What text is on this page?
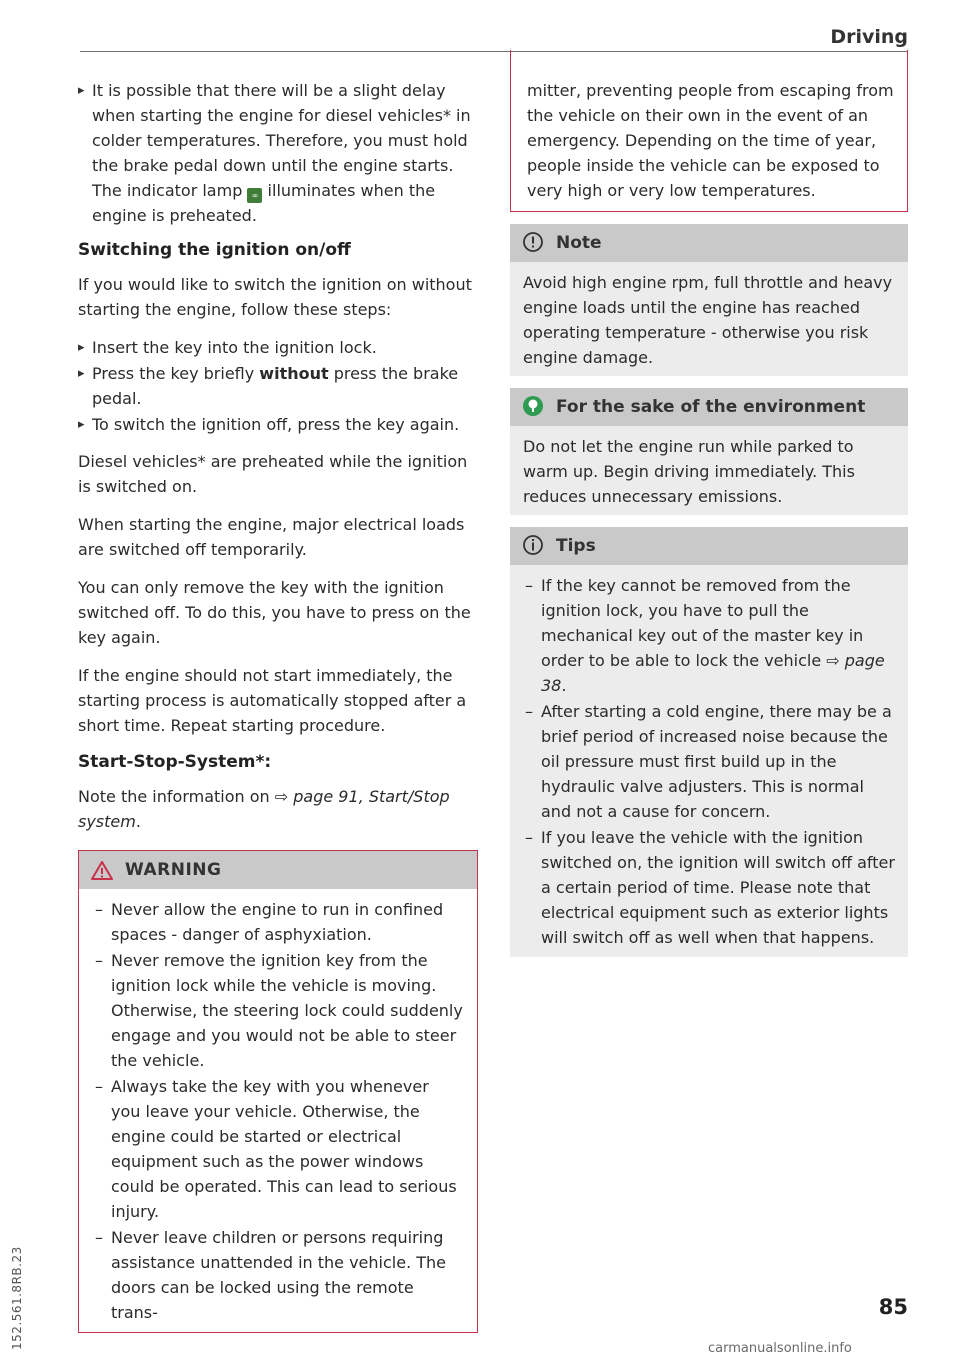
Driving
▸ It is possible that there will be a slight delay when starting the engine for diesel vehicles* in colder temperatures. Therefore, you must hold the brake pedal down until the engine starts. The indicator lamp ∞ illuminates when the engine is preheated.
Switching the ignition on/off

If you would like to switch the ignition on without starting the engine, follow these steps:

▸ Insert the key into the ignition lock.
▸ Press the key briefly without press the brake pedal.
▸ To switch the ignition off, press the key again.

Diesel vehicles* are preheated while the ignition is switched on.

When starting the engine, major electrical loads are switched off temporarily.

You can only remove the key with the ignition switched off. To do this, you have to press on the key again.

If the engine should not start immediately, the starting process is automatically stopped after a short time. Repeat starting procedure.

Start-Stop-System*:

Note the information on ⇨ page 91, Start/Stop system.

WARNING
– Never allow the engine to run in confined spaces - danger of asphyxiation.
– Never remove the ignition key from the ignition lock while the vehicle is moving. Otherwise, the steering lock could suddenly engage and you would not be able to steer the vehicle.
– Always take the key with you whenever you leave your vehicle. Otherwise, the engine could be started or electrical equipment such as the power windows could be operated. This can lead to serious injury.
– Never leave children or persons requiring assistance unattended in the vehicle. The doors can be locked using the remote trans-

mitter, preventing people from escaping from the vehicle on their own in the event of an emergency. Depending on the time of year, people inside the vehicle can be exposed to very high or very low temperatures.

Note

Avoid high engine rpm, full throttle and heavy engine loads until the engine has reached operating temperature - otherwise you risk engine damage.

For the sake of the environment

Do not let the engine run while parked to warm up. Begin driving immediately. This reduces unnecessary emissions.

Tips
– If the key cannot be removed from the ignition lock, you have to pull the mechanical key out of the master key in order to be able to lock the vehicle ⇨ page 38.
– After starting a cold engine, there may be a brief period of increased noise because the oil pressure must first build up in the hydraulic valve adjusters. This is normal and not a cause for concern.
– If you leave the vehicle with the ignition switched on, the ignition will switch off after a certain period of time. Please note that electrical equipment such as exterior lights will switch off as well when that happens.
85
152.561.8RB.23	carmanualsonline.info
